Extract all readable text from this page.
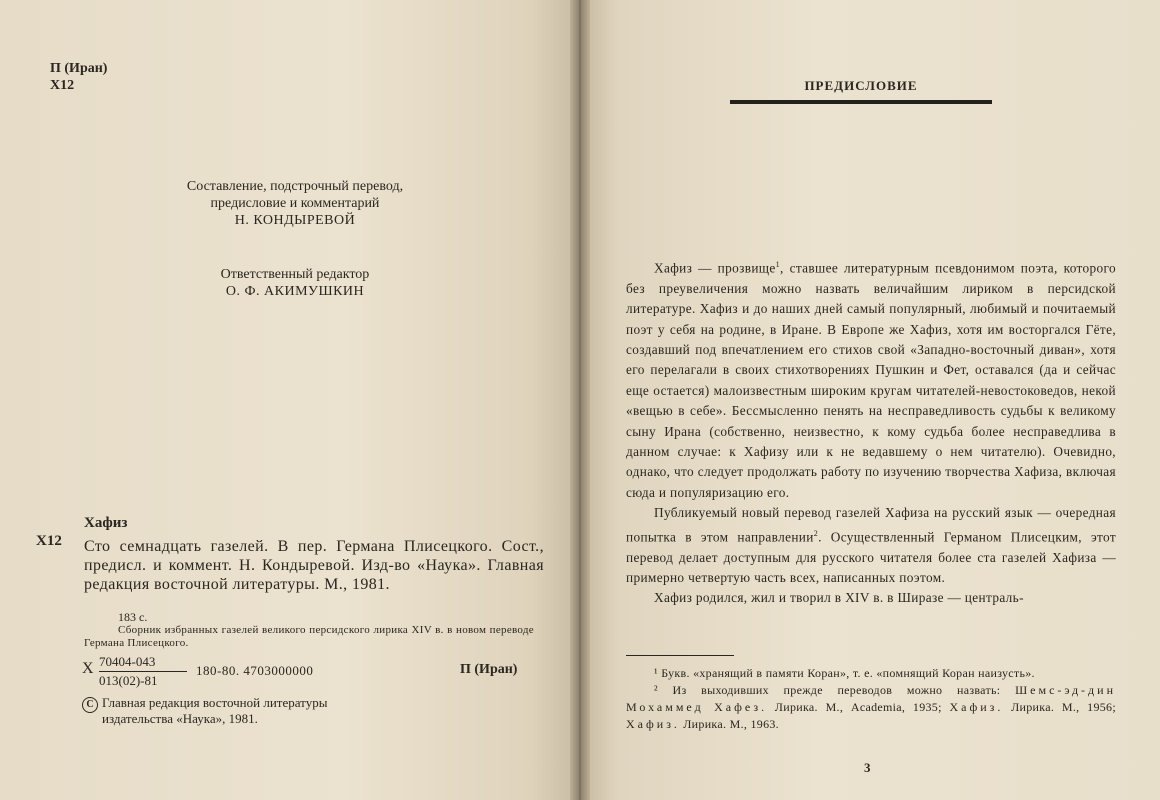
П (Иран)
Х12
Составление, подстрочный перевод,
предисловие и комментарий
Н. КОНДЫРЕВОЙ
Ответственный редактор
О. Ф. АКИМУШКИН
Х12
Хафиз
Сто семнадцать газелей. В пер. Германа Плисецкого. Сост., предисл. и коммент. Н. Кондыревой. Изд-во «Наука». Главная редакция восточной литературы. М., 1981.
183 с.
Сборник избранных газелей великого персидского лирика XIV в. в новом переводе Германа Плисецкого.
Х 70404-043
013(02)-81
180-80. 4703000000	П (Иран)
С Главная редакция восточной литературы
издательства «Наука», 1981.
ПРЕДИСЛОВИЕ

Хафиз — прозвище$^1$, ставшее литературным псевдонимом поэта, которого без преувеличения можно назвать величайшим лириком в персидской литературе. Хафиз и до наших дней самый популярный, любимый и почитаемый поэт у себя на родине, в Иране. В Европе же Хафиз, хотя им восторгался Гёте, создавший под впечатлением его стихов свой «Западно-восточный диван», хотя его перелагали в своих стихотворениях Пушкин и Фет, оставался (да и сейчас еще остается) малоизвестным широким кругам читателей-невостоковедов, некой «вещью в себе». Бессмысленно пенять на несправедливость судьбы к великому сыну Ирана (собственно, неизвестно, к кому судьба более несправедлива в данном случае: к Хафизу или к не ведавшему о нем читателю). Очевидно, однако, что следует продолжать работу по изучению творчества Хафиза, включая сюда и популяризацию его.

Публикуемый новый перевод газелей Хафиза на русский язык — очередная попытка в этом направлении$^2$. Осуществленный Германом Плисецким, этот перевод делает доступным для русского читателя более ста газелей Хафиза — примерно четвертую часть всех, написанных поэтом.

Хафиз родился, жил и творил в XIV в. в Ширазе — централь-

¹ Букв. «хранящий в памяти Коран», т. е. «помнящий Коран наизусть».

² Из выходивших прежде переводов можно назвать: Шемс-эд-дин Мохаммед Хафез. Лирика. М., Academia, 1935; Хафиз. Лирика. М., 1956; Хафиз. Лирика. М., 1963.

3
